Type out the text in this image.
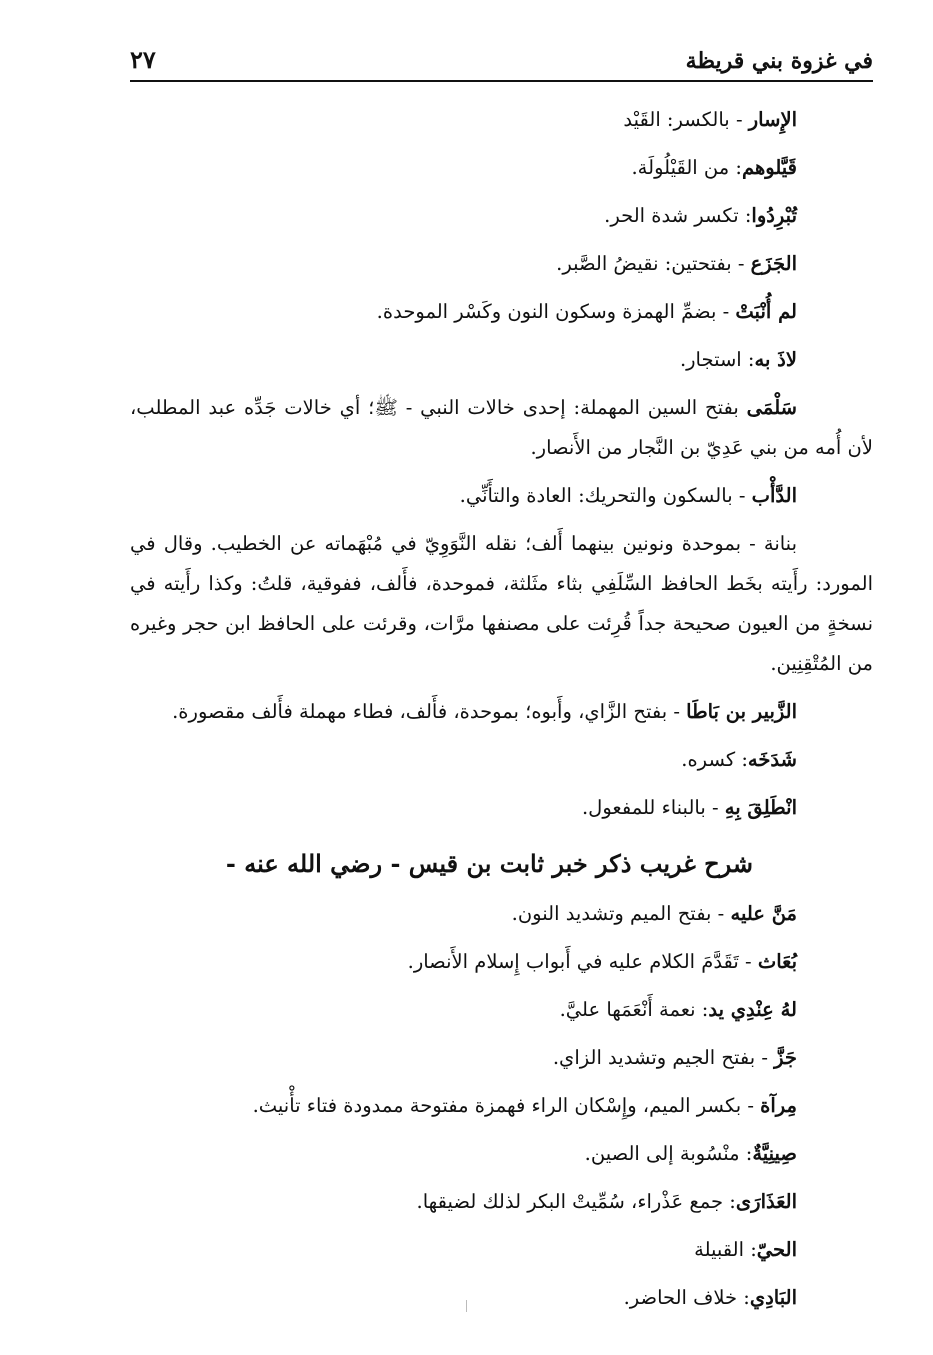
في غزوة بني قريظة
٢٧

الإِسار - بالكسر: القَيْد

قَيَّلوهم: من القَيْلُولَة.

تُبْرِدُوا: تكسر شدة الحر.

الجَزَع - بفتحتين: نقيضُ الصَّبر.

لم أُنْبَتْ - بضمِّ الهمزة وسكون النون وكَسْر الموحدة.

لاذَ به: استجار.

سَلْمَى بفتح السين المهملة: إحدى خالات النبي - ﷺ؛ أي خالات جَدِّه عبد المطلب، لأن أُمه من بني عَدِيّ بن النَّجار من الأَنصار.

الدَّأْب - بالسكون والتحريك: العادة والتأَنِّي.

بنانة - بموحدة ونونين بينهما أَلف؛ نقله النَّوَوِيّ في مُبْهَماته عن الخطيب. وقال في المورد: رأَيته بخَط الحافظ السِّلَفِي بثاء مثَلثة، فموحدة، فأَلف، ففوقية، قلتُ: وكذا رأَيته في نسخةٍ من العيون صحيحة جداً قُرِئت على مصنفها مرَّات، وقرئت على الحافظ ابن حجر وغيره من المُتْقِنِين.

الزَّبير بن بَاطَا - بفتح الزَّاي، وأَبوه؛ بموحدة، فأَلف، فطاء مهملة فأَلف مقصورة.

شَدَخَه: كسره.

انْطَلِقَ بِهِ - بالبناء للمفعول.

شرح غريب ذكر خبر ثابت بن قيس - رضي الله عنه -

مَنَّ عليه - بفتح الميم وتشديد النون.

بُعَاث - تَقَدَّمَ الكلام عليه في أَبواب إِسلام الأَنصار.

لهُ عِنْدِي يد: نعمة أَنْعَمَها عليَّ.

جَزَّ - بفتح الجيم وتشديد الزاي.

مِرآة - بكسر الميم، وإِسْكان الراء فهمزة مفتوحة ممدودة فتاء تأْنيث.

صِينِيَّةٌ: منْسُوبة إلى الصين.

العَذَارَى: جمع عَذْراء، سُمِّيتْ البكر لذلك لضيقها.

الحيّ: القبيلة

البَادِي: خلاف الحاضر.
